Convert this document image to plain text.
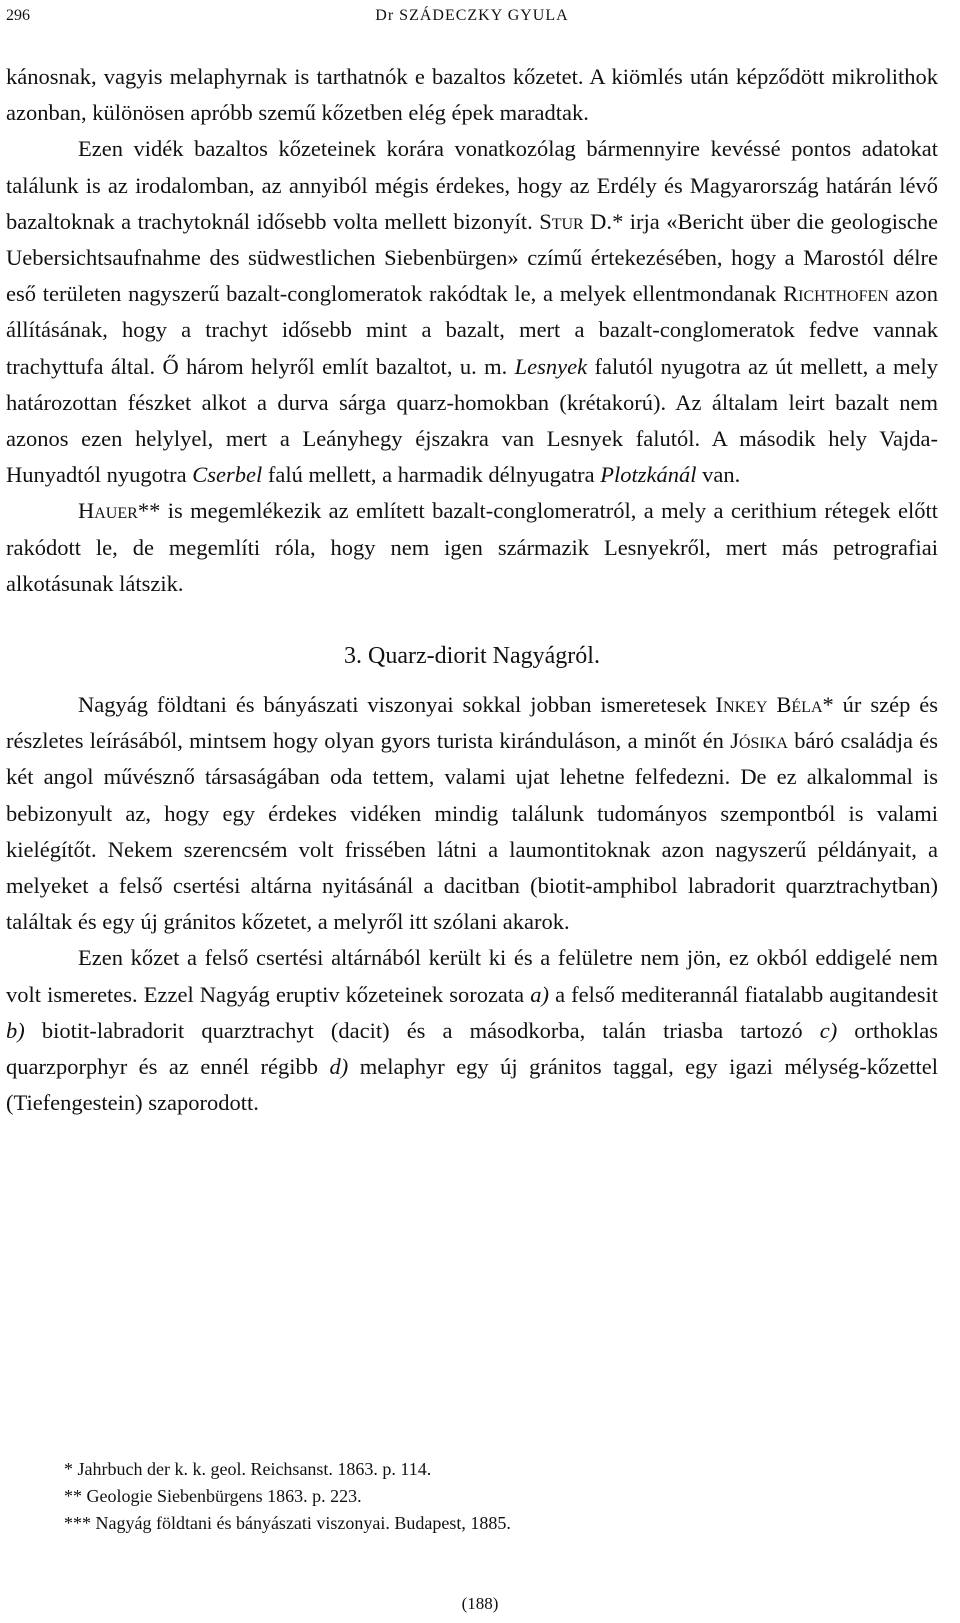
296	Dr SZÁDECZKY GYULA

kánosnak, vagyis melaphyrnak is tarthatnók e bazaltos kőzetet. A kiömlés után képződött mikrolithok azonban, különösen apróbb szemű kőzetben elég épek maradtak.

Ezen vidék bazaltos kőzeteinek korára vonatkozólag bármennyire kevéssé pontos adatokat találunk is az irodalomban, az annyiból mégis érdekes, hogy az Erdély és Magyarország határán lévő bazaltoknak a trachytoknál idősebb volta mellett bizonyít. Stur D.* irja «Bericht über die geologische Uebersichtsaufnahme des südwestlichen Siebenbürgen» czímű értekezésében, hogy a Marostól délre eső területen nagyszerű bazalt-conglomeratok rakódtak le, a melyek ellentmondanak Richthofen azon állításának, hogy a trachyt idősebb mint a bazalt, mert a bazalt-conglomeratok fedve vannak trachyttufa által. Ő három helyről említ bazaltot, u. m. Lesnyek falutól nyugotra az út mellett, a mely határozottan fészket alkot a durva sárga quarz-homokban (krétakorú). Az általam leirt bazalt nem azonos ezen helylyel, mert a Leányhegy éjszakra van Lesnyek falutól. A második hely Vajda-Hunyadtól nyugotra Cserbel falú mellett, a harmadik délnyugatra Plotzkánál van.

Hauer** is megemlékezik az említett bazalt-conglomeratról, a mely a cerithium rétegek előtt rakódott le, de megemlíti róla, hogy nem igen származik Lesnyekről, mert más petrografiai alkotásunak látszik.

3. Quarz-diorit Nagyágról.

Nagyág földtani és bányászati viszonyai sokkal jobban ismeretesek Inkey Béla* úr szép és részletes leírásából, mintsem hogy olyan gyors turista kiránduláson, a minőt én Jósika báró családja és két angol művésznő társaságában oda tettem, valami ujat lehetne felfedezni. De ez alkalommal is bebizonyult az, hogy egy érdekes vidéken mindig találunk tudományos szempontból is valami kielégítőt. Nekem szerencsém volt frissében látni a laumontitoknak azon nagyszerű példányait, a melyeket a felső csertési altárna nyitásánál a dacitban (biotit-amphibol labradorit quarztrachytban) találtak és egy új gránitos kőzetet, a melyről itt szólani akarok.

Ezen kőzet a felső csertési altárnából került ki és a felületre nem jön, ez okból eddigelé nem volt ismeretes. Ezzel Nagyág eruptiv kőzeteinek sorozata a) a felső mediterannál fiatalabb augitandesit b) biotit-labradorit quarztrachyt (dacit) és a másodkorba, talán triasba tartozó c) orthoklas quarzporphyr és az ennél régibb d) melaphyr egy új gránitos taggal, egy igazi mélység-kőzettel (Tiefengestein) szaporodott.

* Jahrbuch der k. k. geol. Reichsanst. 1863. p. 114.
** Geologie Siebenbürgens 1863. p. 223.
*** Nagyág földtani és bányászati viszonyai. Budapest, 1885.
(188)
